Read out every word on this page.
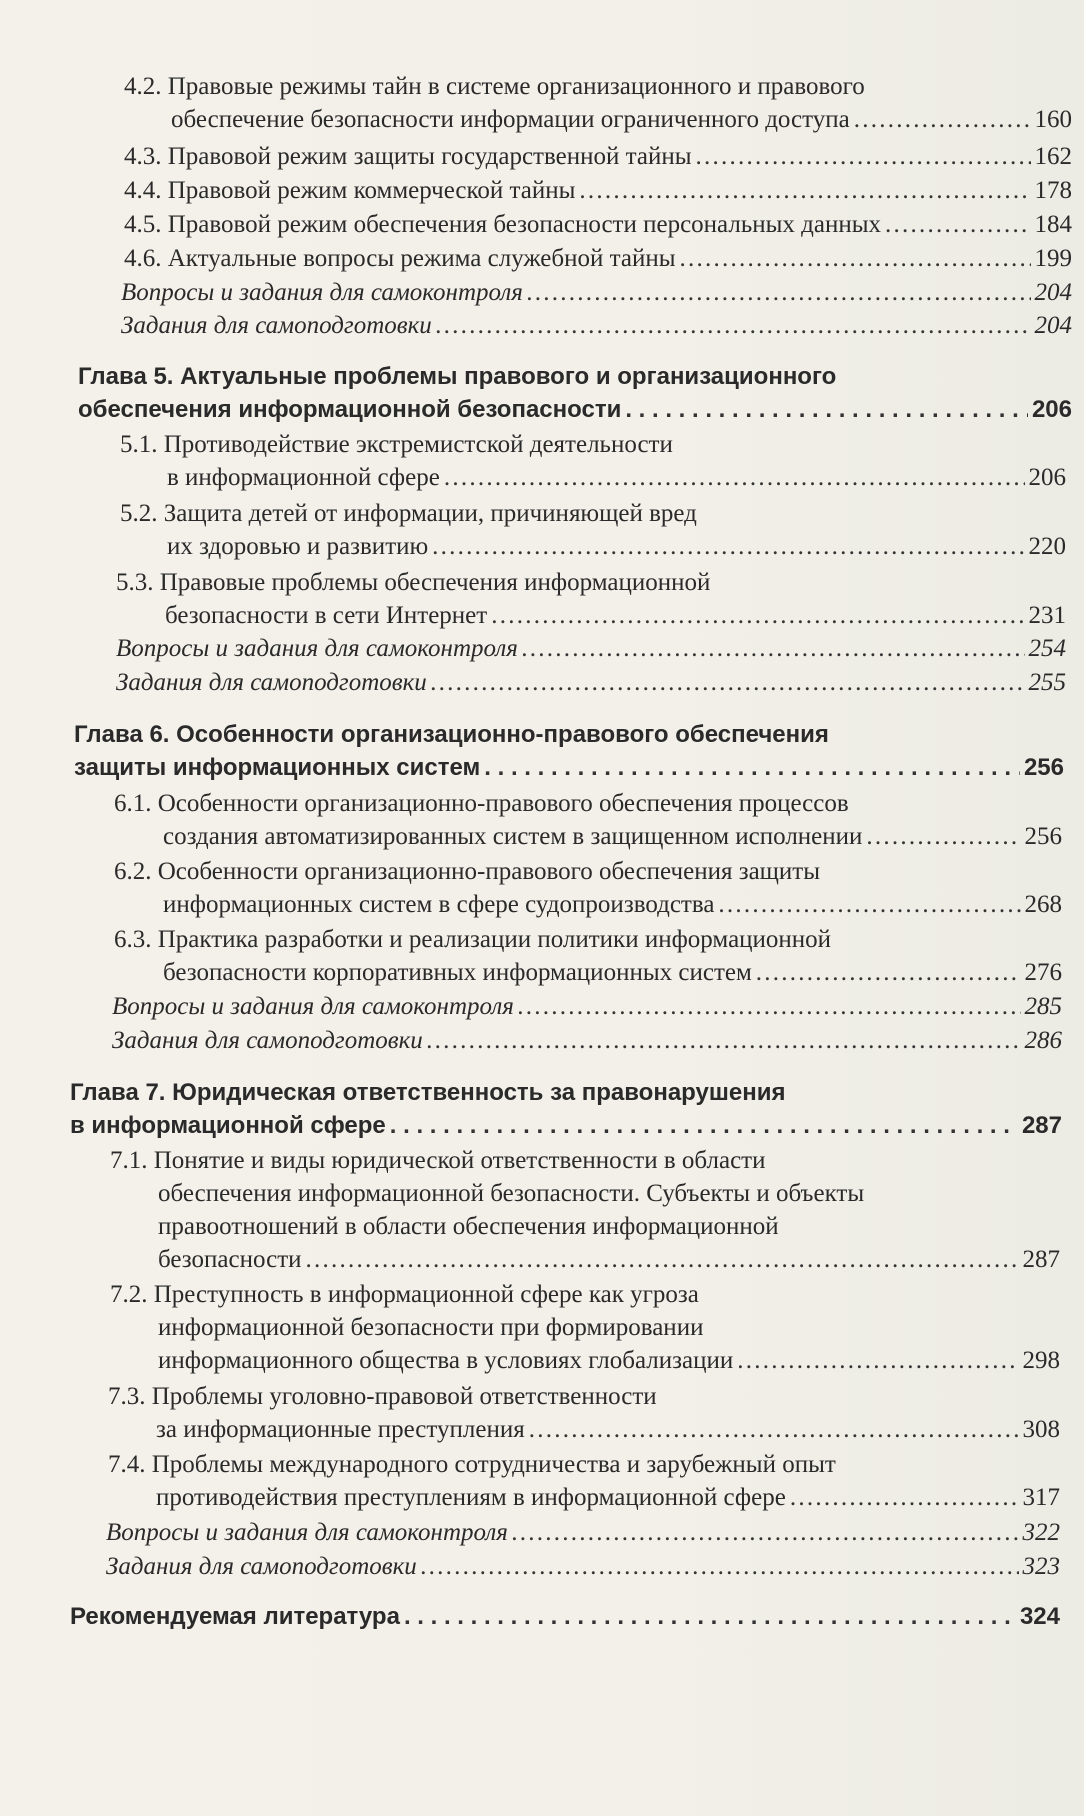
4.2. Правовые режимы тайн в системе организационного и правового
обеспечение безопасности информации ограниченного доступа . . .	160
4.3. Правовой режим защиты государственной тайны . . .	162
4.4. Правовой режим коммерческой тайны . . .	178
4.5. Правовой режим обеспечения безопасности персональных данных . . .	184
4.6. Актуальные вопросы режима служебной тайны . . .	199
Вопросы и задания для самоконтроля . . .	204
Задания для самоподготовки . . .	204
Глава 5. Актуальные проблемы правового и организационного
обеспечения информационной безопасности . . .	206
5.1. Противодействие экстремистской деятельности
в информационной сфере . . .	206
5.2. Защита детей от информации, причиняющей вред
их здоровью и развитию . . .	220
5.3. Правовые проблемы обеспечения информационной
безопасности в сети Интернет . . .	231
Вопросы и задания для самоконтроля . . .	254
Задания для самоподготовки . . .	255
Глава 6. Особенности организационно-правового обеспечения
защиты информационных систем . . .	256
6.1. Особенности организационно-правового обеспечения процессов
создания автоматизированных систем в защищенном исполнении . . .	256
6.2. Особенности организационно-правового обеспечения защиты
информационных систем в сфере судопроизводства . . .	268
6.3. Практика разработки и реализации политики информационной
безопасности корпоративных информационных систем . . .	276
Вопросы и задания для самоконтроля . . .	285
Задания для самоподготовки . . .	286
Глава 7. Юридическая ответственность за правонарушения
в информационной сфере . . .	287
7.1. Понятие и виды юридической ответственности в области
обеспечения информационной безопасности. Субъекты и объекты
правоотношений в области обеспечения информационной
безопасности . . .	287
7.2. Преступность в информационной сфере как угроза
информационной безопасности при формировании
информационного общества в условиях глобализации . . .	298
7.3. Проблемы уголовно-правовой ответственности
за информационные преступления . . .	308
7.4. Проблемы международного сотрудничества и зарубежный опыт
противодействия преступлениям в информационной сфере . . .	317
Вопросы и задания для самоконтроля . . .	322
Задания для самоподготовки . . .	323
Рекомендуемая литература . . .	324
